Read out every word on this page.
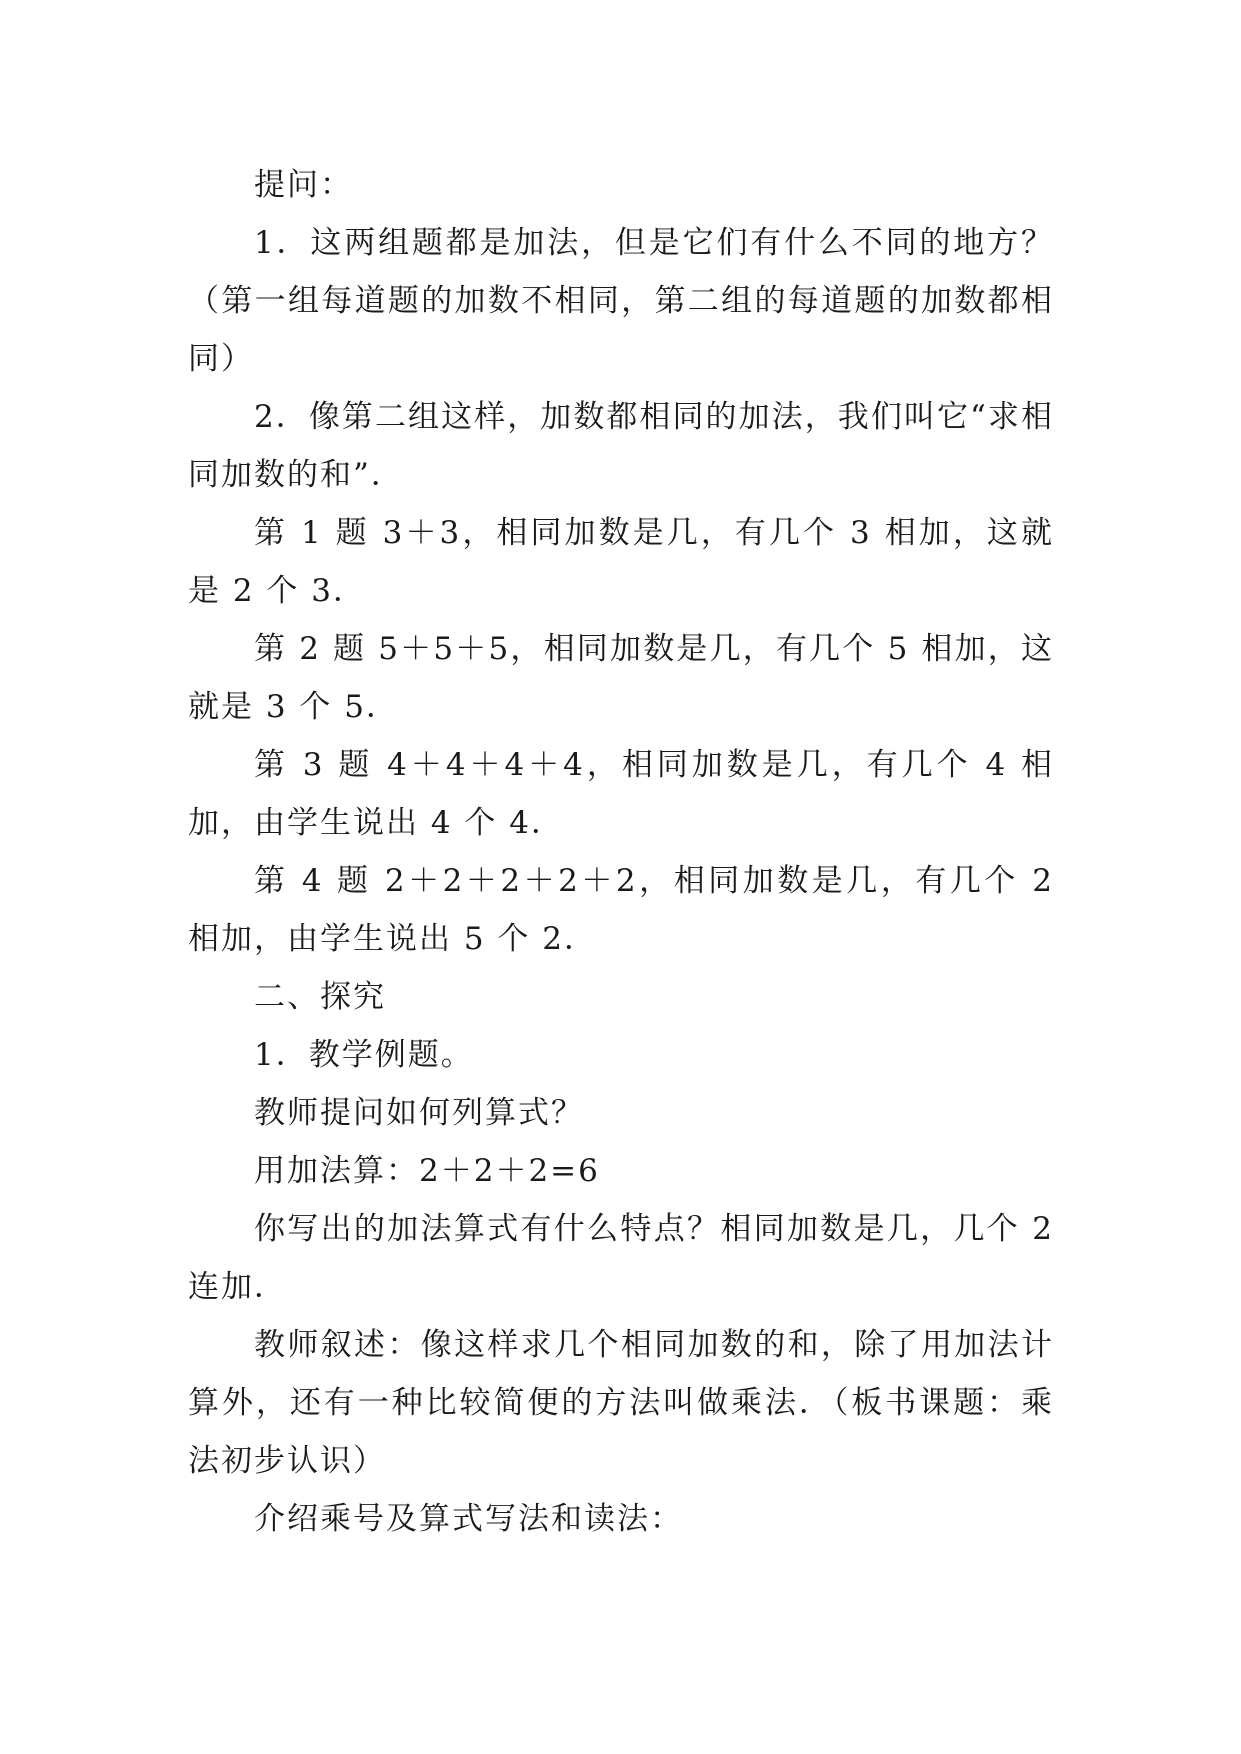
提问：

1．这两组题都是加法，但是它们有什么不同的地方？（第一组每道题的加数不相同，第二组的每道题的加数都相同）

2．像第二组这样，加数都相同的加法，我们叫它“求相同加数的和”．

第 1 题 3＋3，相同加数是几，有几个 3 相加，这就是 2 个 3．

第 2 题 5＋5＋5，相同加数是几，有几个 5 相加，这就是 3 个 5．

第 3 题 4＋4＋4＋4，相同加数是几，有几个 4 相加，由学生说出 4 个 4．

第 4 题 2＋2＋2＋2＋2，相同加数是几，有几个 2 相加，由学生说出 5 个 2．

二、探究

1．教学例题。

教师提问如何列算式？

用加法算：2＋2＋2=6

你写出的加法算式有什么特点？相同加数是几，几个 2 连加．

教师叙述：像这样求几个相同加数的和，除了用加法计算外，还有一种比较简便的方法叫做乘法．（板书课题：乘法初步认识）

介绍乘号及算式写法和读法：
